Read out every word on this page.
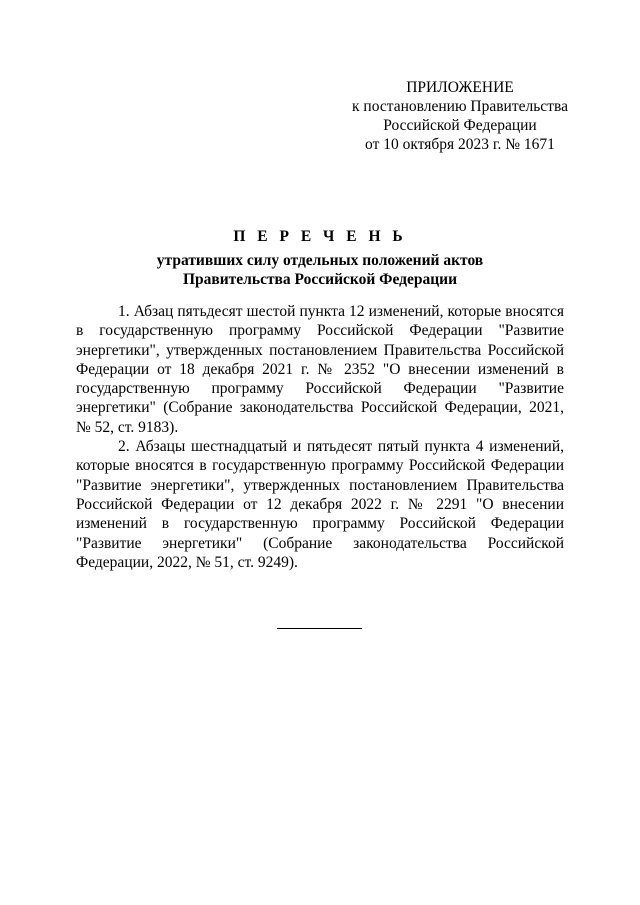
ПРИЛОЖЕНИЕ
к постановлению Правительства
Российской Федерации
от 10 октября 2023 г. № 1671
П Е Р Е Ч Е Н Ь
утративших силу отдельных положений актов
Правительства Российской Федерации

1. Абзац пятьдесят шестой пункта 12 изменений, которые вносятся в государственную программу Российской Федерации "Развитие энергетики", утвержденных постановлением Правительства Российской Федерации от 18 декабря 2021 г. № 2352 "О внесении изменений в государственную программу Российской Федерации "Развитие энергетики" (Собрание законодательства Российской Федерации, 2021, № 52, ст. 9183).

2. Абзацы шестнадцатый и пятьдесят пятый пункта 4 изменений, которые вносятся в государственную программу Российской Федерации "Развитие энергетики", утвержденных постановлением Правительства Российской Федерации от 12 декабря 2022 г. № 2291 "О внесении изменений в государственную программу Российской Федерации "Развитие энергетики" (Собрание законодательства Российской Федерации, 2022, № 51, ст. 9249).
